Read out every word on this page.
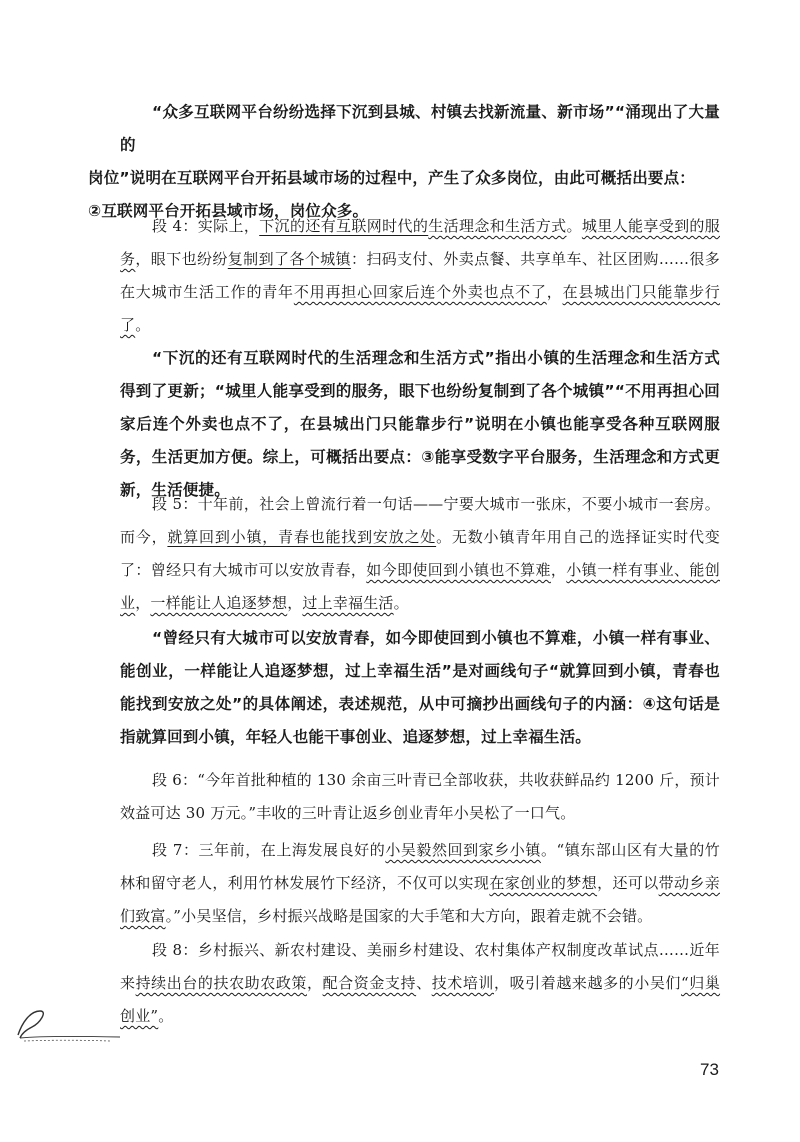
“众多互联网平台纷纷选择下沉到县城、村镇去找新流量、新市场”“涌现出了大量的
岗位”说明在互联网平台开拓县域市场的过程中，产生了众多岗位，由此可概括出要点：
②互联网平台开拓县域市场，岗位众多。

段 4：实际上，下沉的还有互联网时代的生活理念和生活方式。城里人能享受到的服务，眼下也纷纷复制到了各个城镇：扫码支付、外卖点餐、共享单车、社区团购……很多在大城市生活工作的青年不用再担心回家后连个外卖也点不了，在县城出门只能靠步行了。

“下沉的还有互联网时代的生活理念和生活方式”指出小镇的生活理念和生活方式得到了更新；“城里人能享受到的服务，眼下也纷纷复制到了各个城镇”“不用再担心回家后连个外卖也点不了，在县城出门只能靠步行”说明在小镇也能享受各种互联网服务，生活更加方便。综上，可概括出要点：③能享受数字平台服务，生活理念和方式更新，生活便捷。

段 5：十年前，社会上曾流行着一句话——宁要大城市一张床，不要小城市一套房。而今，就算回到小镇，青春也能找到安放之处。无数小镇青年用自己的选择证实时代变了：曾经只有大城市可以安放青春，如今即使回到小镇也不算难，小镇一样有事业、能创业，一样能让人追逐梦想，过上幸福生活。

“曾经只有大城市可以安放青春，如今即使回到小镇也不算难，小镇一样有事业、能创业，一样能让人追逐梦想，过上幸福生活”是对画线句子“就算回到小镇，青春也能找到安放之处”的具体阐述，表述规范，从中可摘抄出画线句子的内涵：④这句话是指就算回到小镇，年轻人也能干事创业、追逐梦想，过上幸福生活。

段 6：“今年首批种植的 130 余亩三叶青已全部收获，共收获鲜品约 1200 斤，预计效益可达 30 万元。”丰收的三叶青让返乡创业青年小吴松了一口气。

段 7：三年前，在上海发展良好的小吴毅然回到家乡小镇。“镇东部山区有大量的竹林和留守老人，利用竹林发展竹下经济，不仅可以实现在家创业的梦想，还可以带动乡亲们致富。”小吴坚信，乡村振兴战略是国家的大手笔和大方向，跟着走就不会错。

段 8：乡村振兴、新农村建设、美丽乡村建设、农村集体产权制度改革试点……近年来持续出台的扶农助农政策，配合资金支持、技术培训，吸引着越来越多的小吴们“归巢创业”。

73
